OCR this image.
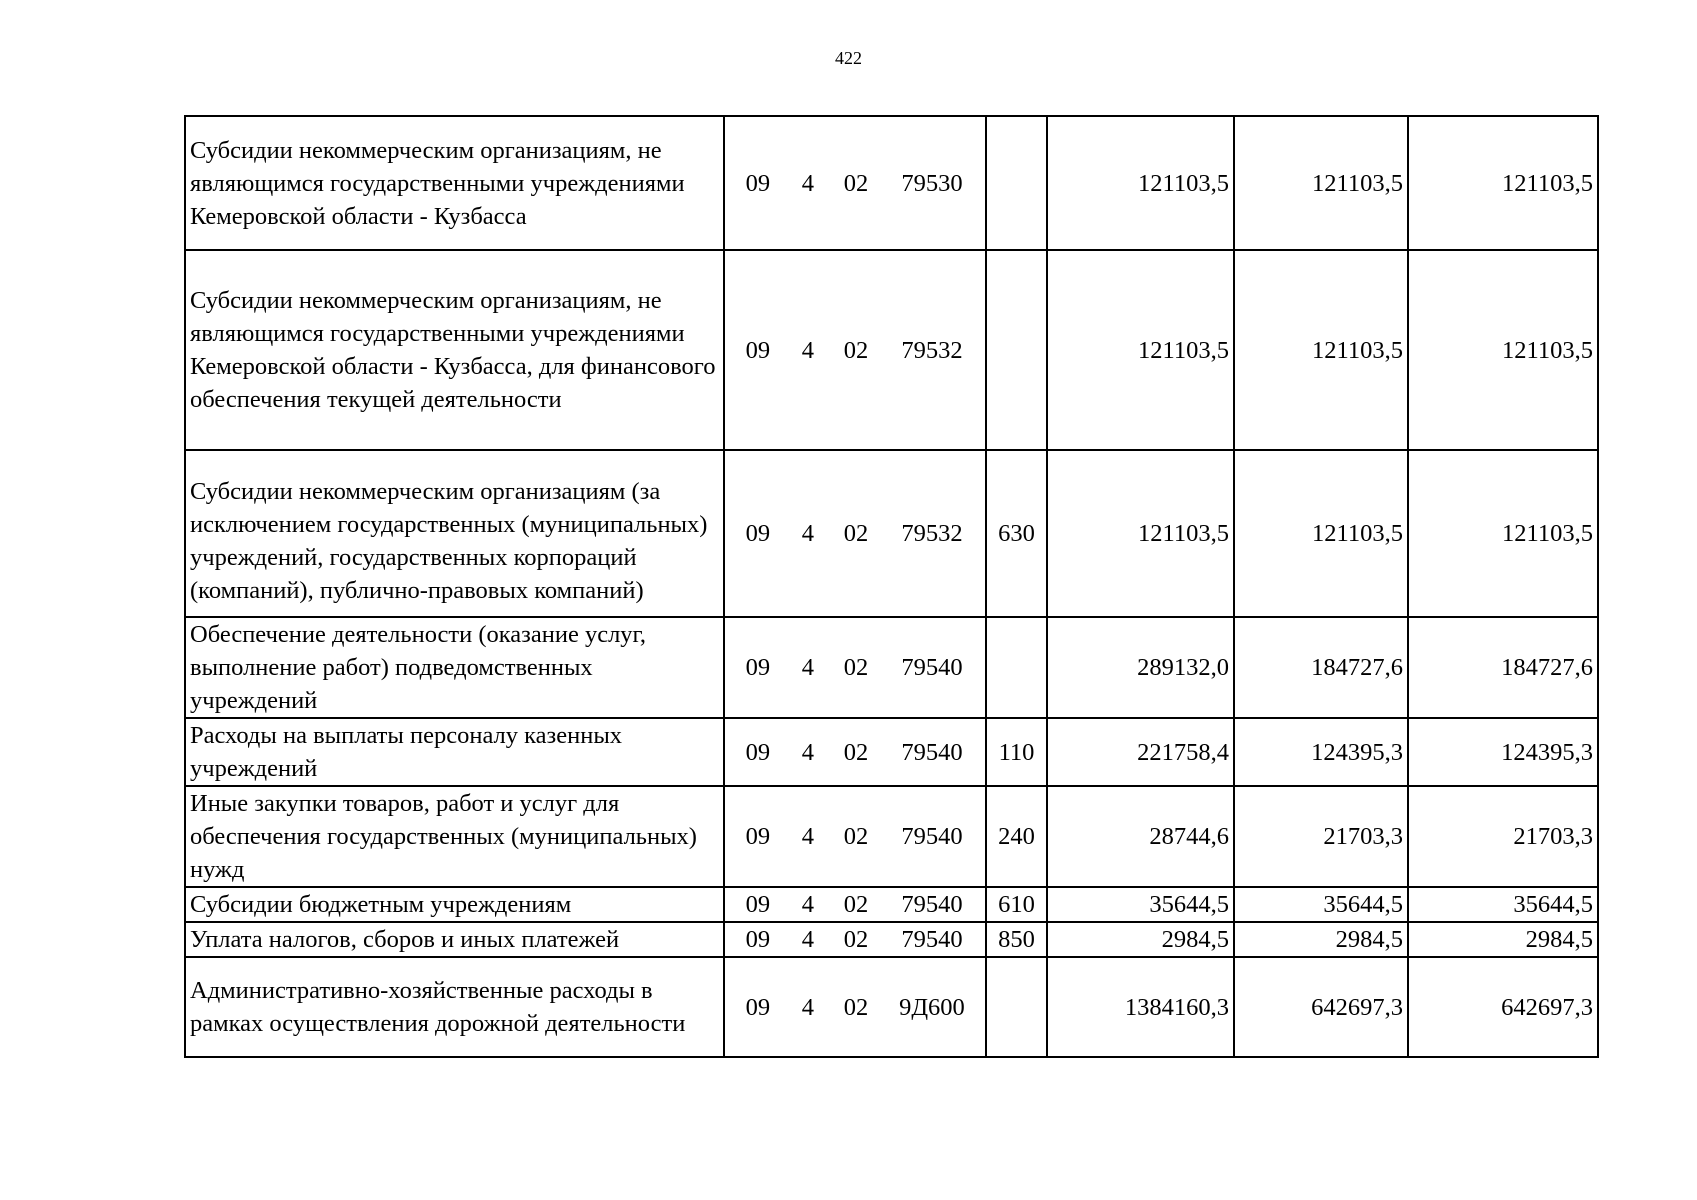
422
Субсидии некоммерческим организациям, не являющимся государственными учреждениями Кемеровской области - Кузбасса	09 4 02 79530		121103,5	121103,5	121103,5
Субсидии некоммерческим организациям, не являющимся государственными учреждениями Кемеровской области - Кузбасса, для финансового обеспечения текущей деятельности	09 4 02 79532		121103,5	121103,5	121103,5
Субсидии некоммерческим организациям (за исключением государственных (муниципальных) учреждений, государственных корпораций (компаний), публично-правовых компаний)	09 4 02 79532	630	121103,5	121103,5	121103,5
Обеспечение деятельности (оказание услуг, выполнение работ) подведомственных учреждений	09 4 02 79540		289132,0	184727,6	184727,6
Расходы на выплаты персоналу казенных учреждений	09 4 02 79540	110	221758,4	124395,3	124395,3
Иные закупки товаров, работ и услуг для обеспечения государственных (муниципальных) нужд	09 4 02 79540	240	28744,6	21703,3	21703,3
Субсидии бюджетным учреждениям	09 4 02 79540	610	35644,5	35644,5	35644,5
Уплата налогов, сборов и иных платежей	09 4 02 79540	850	2984,5	2984,5	2984,5
Административно-хозяйственные расходы в рамках осуществления дорожной деятельности	09 4 02 9Д600		1384160,3	642697,3	642697,3
